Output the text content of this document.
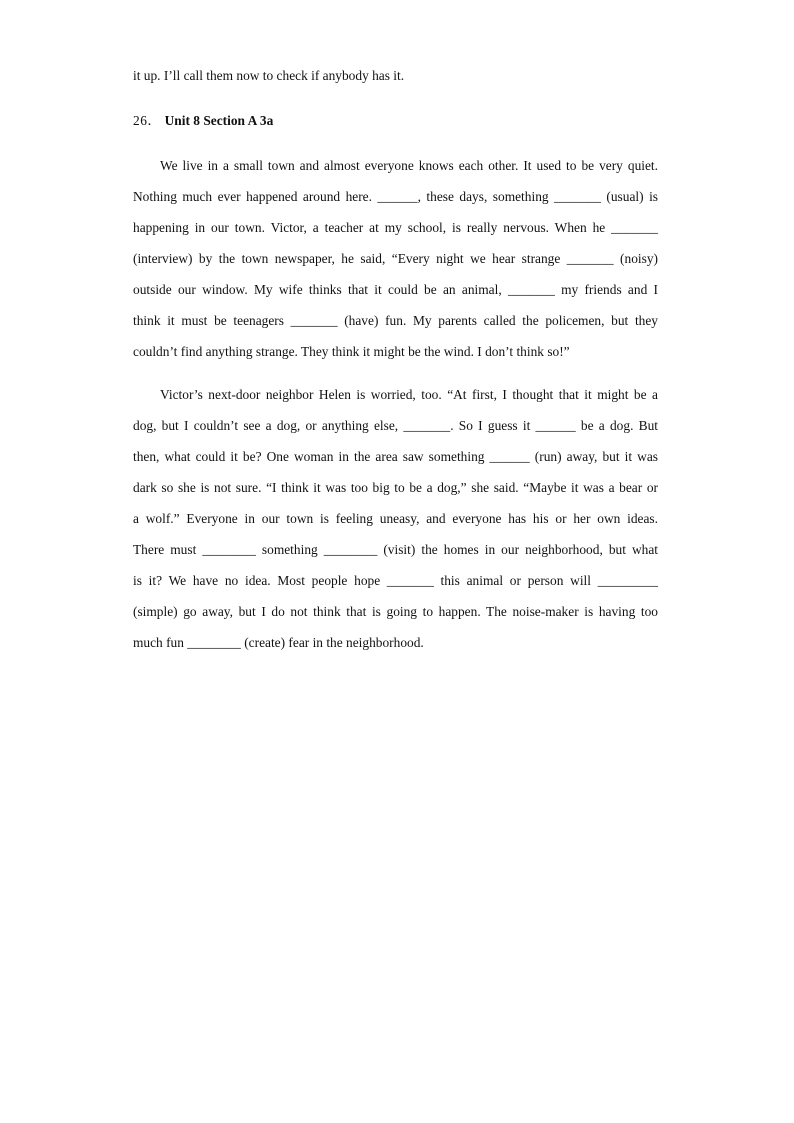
it up. I’ll call them now to check if anybody has it.
26． Unit 8 Section A 3a
We live in a small town and almost everyone knows each other. It used to be very quiet.
Nothing much ever happened around here. ______, these days, something _______ (usual) is
happening in our town. Victor, a teacher at my school, is really nervous. When he _______
(interview) by the town newspaper, he said, “Every night we hear strange _______ (noisy)
outside our window. My wife thinks that it could be an animal, _______ my friends and I
think it must be teenagers _______ (have) fun. My parents called the policemen, but they
couldn’t find anything strange. They think it might be the wind. I don’t think so!”
Victor’s next-door neighbor Helen is worried, too. “At first, I thought that it might be a
dog, but I couldn’t see a dog, or anything else, _______. So I guess it ______ be a dog. But
then, what could it be? One woman in the area saw something ______ (run) away, but it was
dark so she is not sure. “I think it was too big to be a dog,” she said. “Maybe it was a bear or
a wolf.” Everyone in our town is feeling uneasy, and everyone has his or her own ideas.
There must ________ something ________ (visit) the homes in our neighborhood, but what
is it? We have no idea. Most people hope _______ this animal or person will _________
(simple) go away, but I do not think that is going to happen. The noise-maker is having too
much fun ________ (create) fear in the neighborhood.
